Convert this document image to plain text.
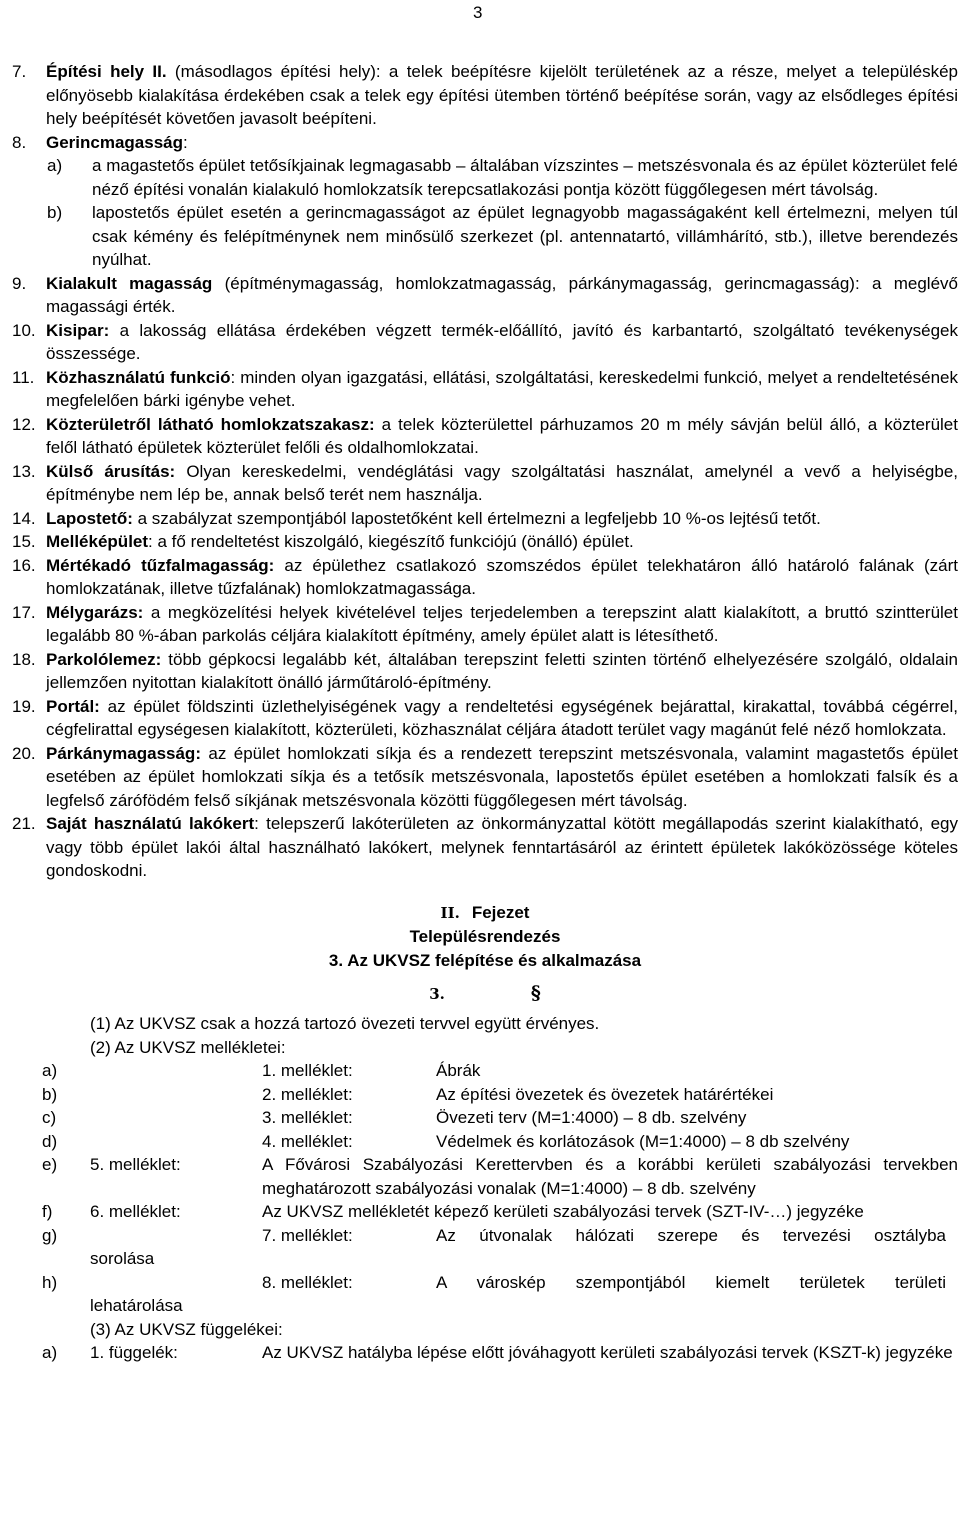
3
7. Építési hely II. (másodlagos építési hely): a telek beépítésre kijelölt területének az a része, melyet a településkép előnyösebb kialakítása érdekében csak a telek egy építési ütemben történő beépítése során, vagy az elsődleges építési hely beépítését követően javasolt beépíteni.
8. Gerincmagasság:
a) a magastetős épület tetősíkjainak legmagasabb – általában vízszintes – metszésvonala és az épület közterület felé néző építési vonalán kialakuló homlokzatsík terepcsatlakozási pontja között függőlegesen mért távolság.
b) lapostetős épület esetén a gerincmagasságot az épület legnagyobb magasságaként kell értelmezni, melyen túl csak kémény és felépítménynek nem minősülő szerkezet (pl. antennatartó, villámhárító, stb.), illetve berendezés nyúlhat.
9. Kialakult magasság (építménymagasság, homlokzatmagasság, párkánymagasság, gerincmagasság): a meglévő magassági érték.
10. Kisipar: a lakosság ellátása érdekében végzett termék-előállító, javító és karbantartó, szolgáltató tevékenységek összessége.
11. Közhasználatú funkció: minden olyan igazgatási, ellátási, szolgáltatási, kereskedelmi funkció, melyet a rendeltetésének megfelelően bárki igénybe vehet.
12. Közterületről látható homlokzatszakasz: a telek közterülettel párhuzamos 20 m mély sávján belül álló, a közterület felől látható épületek közterület felőli és oldalhomlokzatai.
13. Külső árusítás: Olyan kereskedelmi, vendéglátási vagy szolgáltatási használat, amelynél a vevő a helyiségbe, építménybe nem lép be, annak belső terét nem használja.
14. Lapostető: a szabályzat szempontjából lapostetőként kell értelmezni a legfeljebb 10 %-os lejtésű tetőt.
15. Melléképület: a fő rendeltetést kiszolgáló, kiegészítő funkciójú (önálló) épület.
16. Mértékadó tűzfalmagasság: az épülethez csatlakozó szomszédos épület telekhatáron álló határoló falának (zárt homlokzatának, illetve tűzfalának) homlokzatmagassága.
17. Mélygarázs: a megközelítési helyek kivételével teljes terjedelemben a terepszint alatt kialakított, a bruttó szintterület legalább 80 %-ában parkolás céljára kialakított építmény, amely épület alatt is létesíthető.
18. Parkolólemez: több gépkocsi legalább két, általában terepszint feletti szinten történő elhelyezésére szolgáló, oldalain jellemzően nyitottan kialakított önálló járműtároló-építmény.
19. Portál: az épület földszinti üzlethelyiségének vagy a rendeltetési egységének bejárattal, kirakattal, továbbá cégérrel, cégfelirattal egységesen kialakított, közterületi, közhasználat céljára átadott terület vagy magánút felé néző homlokzata.
20. Párkánymagasság: az épület homlokzati síkja és a rendezett terepszint metszésvonala, valamint magastetős épület esetében az épület homlokzati síkja és a tetősík metszésvonala, lapostetős épület esetében a homlokzati falsík és a legfelső zárófödém felső síkjának metszésvonala közötti függőlegesen mért távolság.
21. Saját használatú lakókert: telepszerű lakóterületen az önkormányzattal kötött megállapodás szerint kialakítható, egy vagy több épület lakói által használható lakókert, melynek fenntartásáról az érintett épületek lakóközössége köteles gondoskodni.
II. Fejezet
Településrendezés
3. Az UKVSZ felépítése és alkalmazása
3.	§
(1) Az UKVSZ csak a hozzá tartozó övezeti tervvel együtt érvényes.
(2) Az UKVSZ mellékletei:
a)	1. melléklet:	Ábrák

b)	2. melléklet:	Az építési övezetek és övezetek határértékei

c)	3. melléklet:	Övezeti terv (M=1:4000) – 8 db. szelvény

d)	4. melléklet:	Védelmek és korlátozások (M=1:4000) – 8 db szelvény

e) 5. melléklet:	A Fővárosi Szabályozási Kerettervben és a korábbi kerületi szabályozási tervekben meghatározott szabályozási vonalak (M=1:4000) – 8 db. szelvény
f) 6. melléklet:	Az UKVSZ mellékletét képező kerületi szabályozási tervek (SZT-IV-…) jegyzéke
g)	7. melléklet:	Az útvonalak hálózati szerepe és tervezési osztályba

sorolása
h)	8. melléklet:	A városkép szempontjából kiemelt területek területi

lehatárolása
(3) Az UKVSZ függelékei:
a) 1. függelék:	Az UKVSZ hatályba lépése előtt jóváhagyott kerületi szabályozási tervek (KSZT-k) jegyzéke
